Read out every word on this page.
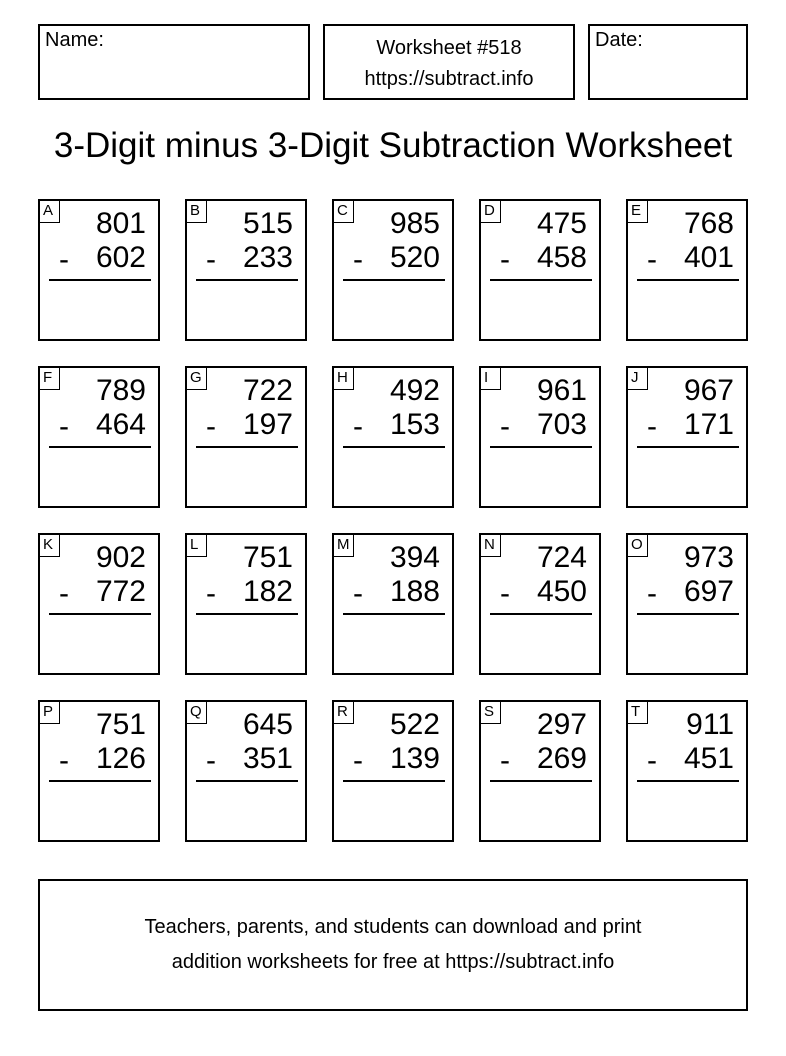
Name:	Worksheet #518
https://subtract.info
Date:
3-Digit minus 3-Digit Subtraction Worksheet
A 801
- 602
B 515
- 233
C 985
- 520
D 475
- 458
E 768
- 401
F 789
- 464
G 722
- 197
H 492
- 153
I	961
- 703
J	967
- 171
K 902
- 772
L 751
- 182
M 394
- 188
N 724
- 450
O 973
- 697
P 751
- 126
Q 645
- 351
R 522
- 139
S 297
- 269
T 911
- 451
Teachers, parents, and students can download and print
addition worksheets for free at https://subtract.info
